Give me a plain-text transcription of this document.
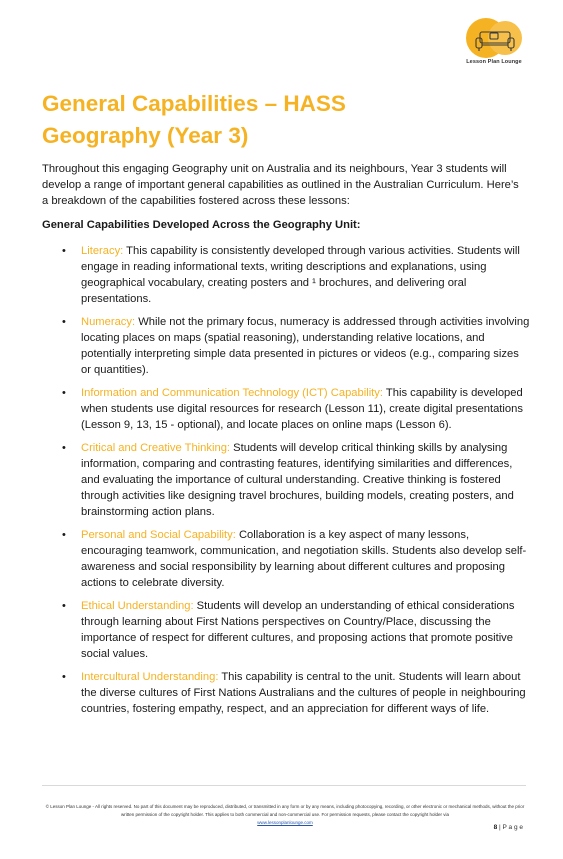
Lesson Plan Lounge
General Capabilities – HASS Geography (Year 3)

Throughout this engaging Geography unit on Australia and its neighbours, Year 3 students will develop a range of important general capabilities as outlined in the Australian Curriculum. Here’s a breakdown of the capabilities fostered across these lessons:

General Capabilities Developed Across the Geography Unit:

• Literacy: This capability is consistently developed through various activities. Students will engage in reading informational texts, writing descriptions and explanations, using geographical vocabulary, creating posters and ¹ brochures, and delivering oral presentations.
• Numeracy: While not the primary focus, numeracy is addressed through activities involving locating places on maps (spatial reasoning), understanding relative locations, and potentially interpreting simple data presented in pictures or videos (e.g., comparing sizes or quantities).
• Information and Communication Technology (ICT) Capability: This capability is developed when students use digital resources for research (Lesson 11), create digital presentations (Lesson 9, 13, 15 - optional), and locate places on online maps (Lesson 6).
• Critical and Creative Thinking: Students will develop critical thinking skills by analysing information, comparing and contrasting features, identifying similarities and differences, and evaluating the importance of cultural understanding. Creative thinking is fostered through activities like designing travel brochures, building models, creating posters, and brainstorming action plans.
• Personal and Social Capability: Collaboration is a key aspect of many lessons, encouraging teamwork, communication, and negotiation skills. Students also develop self-awareness and social responsibility by learning about different cultures and proposing actions to celebrate diversity.
• Ethical Understanding: Students will develop an understanding of ethical considerations through learning about First Nations perspectives on Country/Place, discussing the importance of respect for different cultures, and proposing actions that promote positive social values.
• Intercultural Understanding: This capability is central to the unit. Students will learn about the diverse cultures of First Nations Australians and the cultures of people in neighbouring countries, fostering empathy, respect, and an appreciation for different ways of life.

© Lesson Plan Lounge - All rights reserved. No part of this document may be reproduced, distributed, or transmitted in any form or by any means, including photocopying, recording, or other electronic or mechanical methods, without the prior written permission of the copyright holder. This applies to both commercial and non-commercial use. For permission requests, please contact the copyright holder via
www.lessonplanlounge.com

8 | P a g e
